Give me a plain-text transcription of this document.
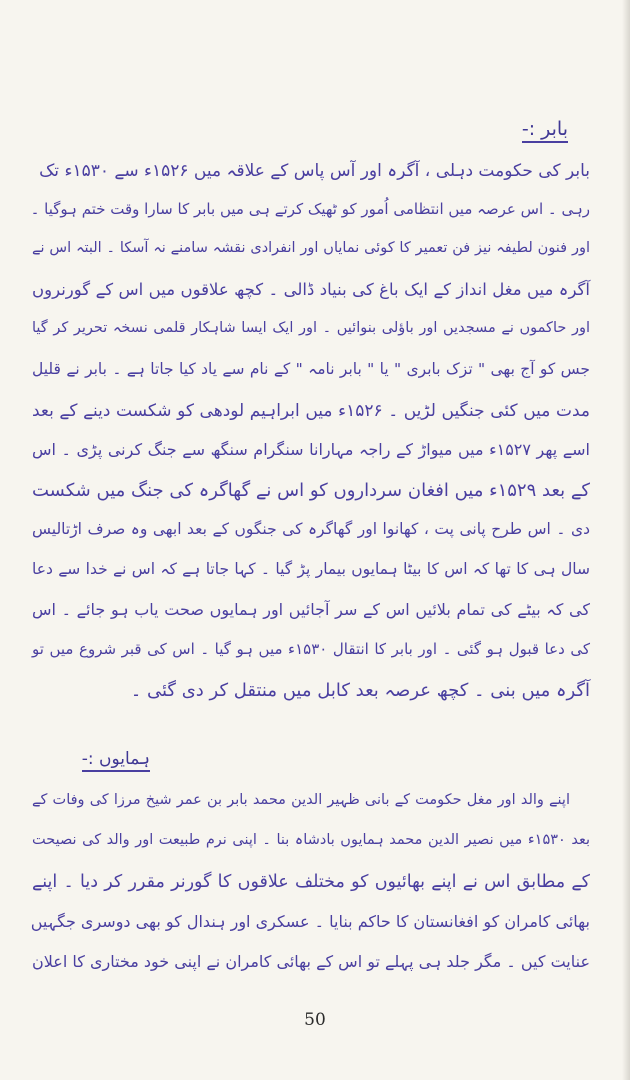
بابر :-
بابر کی حکومت دہلی ، آگرہ اور آس پاس کے علاقہ میں ۱۵۲۶ء سے ۱۵۳۰ء تک
رہی ۔ اس عرصہ میں انتظامی اُمور کو ٹھیک کرتے ہی میں بابر کا سارا وقت ختم ہوگیا ۔
اور فنون لطیفہ نیز فن تعمیر کا کوئی نمایاں اور انفرادی نقشہ سامنے نہ آسکا ۔ البتہ اس نے
آگرہ میں مغل انداز کے ایک باغ کی بنیاد ڈالی ۔ کچھ علاقوں میں اس کے گورنروں
اور حاکموں نے مسجدیں اور باؤلی بنوائیں ۔ اور ایک ایسا شاہکار قلمی نسخہ تحریر کر گیا
جس کو آج بھی " تزک بابری " یا " بابر نامہ " کے نام سے یاد کیا جاتا ہے ۔ بابر نے قلیل
مدت میں کئی جنگیں لڑیں ۔ ۱۵۲۶ء میں ابراہیم لودھی کو شکست دینے کے بعد
اسے پھر ۱۵۲۷ء میں میواڑ کے راجہ مہارانا سنگرام سنگھ سے جنگ کرنی پڑی ۔ اس
کے بعد ۱۵۲۹ء میں افغان سرداروں کو اس نے گھاگرہ کی جنگ میں شکست
دی ۔ اس طرح پانی پت ، کھانوا اور گھاگرہ کی جنگوں کے بعد ابھی وہ صرف اڑتالیس
سال ہی کا تھا کہ اس کا بیٹا ہمایوں بیمار پڑ گیا ۔ کہا جاتا ہے کہ اس نے خدا سے دعا
کی کہ بیٹے کی تمام بلائیں اس کے سر آجائیں اور ہمایوں صحت یاب ہو جائے ۔ اس
کی دعا قبول ہو گئی ۔ اور بابر کا انتقال ۱۵۳۰ء میں ہو گیا ۔ اس کی قبر شروع میں تو
آگرہ میں بنی ۔ کچھ عرصہ بعد کابل میں منتقل کر دی گئی ۔
ہمایوں :-
اپنے والد اور مغل حکومت کے بانی ظہیر الدین محمد بابر بن عمر شیخ مرزا کی وفات کے
بعد ۱۵۳۰ء میں نصیر الدین محمد ہمایوں بادشاہ بنا ۔ اپنی نرم طبیعت اور والد کی نصیحت
کے مطابق اس نے اپنے بھائیوں کو مختلف علاقوں کا گورنر مقرر کر دیا ۔ اپنے
بھائی کامران کو افغانستان کا حاکم بنایا ۔ عسکری اور ہندال کو بھی دوسری جگہیں
عنایت کیں ۔ مگر جلد ہی پہلے تو اس کے بھائی کامران نے اپنی خود مختاری کا اعلان
50
